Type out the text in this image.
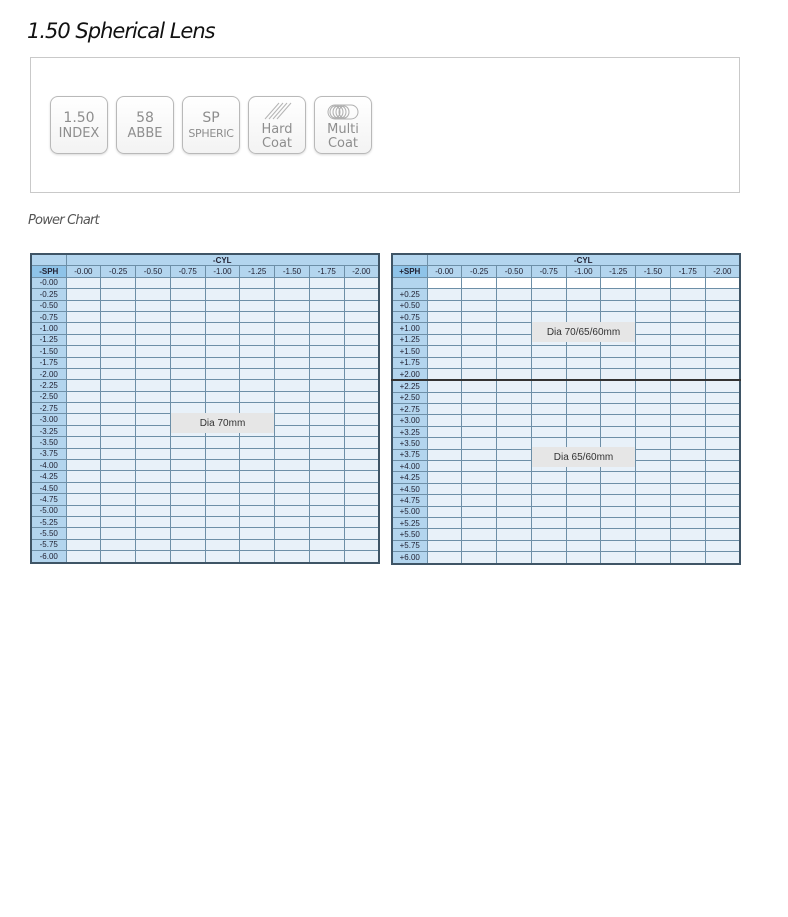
1.50 Spherical Lens
1.50
INDEX
58
ABBE
SP
SPHERIC	Hard
Coat
Multi
Coat
Power Chart
	-CYL								
-SPH	-0.00	-0.25	-0.50	-0.75	-1.00	-1.25	-1.50	-1.75	-2.00
-0.00									
-0.25									
-0.50									
-0.75									
-1.00									
-1.25									
-1.50									
-1.75									
-2.00									
-2.25									
-2.50									
-2.75									
-3.00									
-3.25									
-3.50									
-3.75									
-4.00									
-4.25									
-4.50									
-4.75									
-5.00									
-5.25									
-5.50									
-5.75									
-6.00									
Dia 70mm
	-CYL								
+SPH	-0.00	-0.25	-0.50	-0.75	-1.00	-1.25	-1.50	-1.75	-2.00

+0.25									
+0.50									
+0.75									
+1.00									
+1.25									
+1.50									
+1.75									
+2.00									
+2.25									
+2.50									
+2.75									
+3.00									
+3.25									
+3.50									
+3.75									
+4.00									
+4.25									
+4.50									
+4.75									
+5.00									
+5.25									
+5.50									
+5.75									
+6.00									
Dia 70/65/60mm
Dia 65/60mm
